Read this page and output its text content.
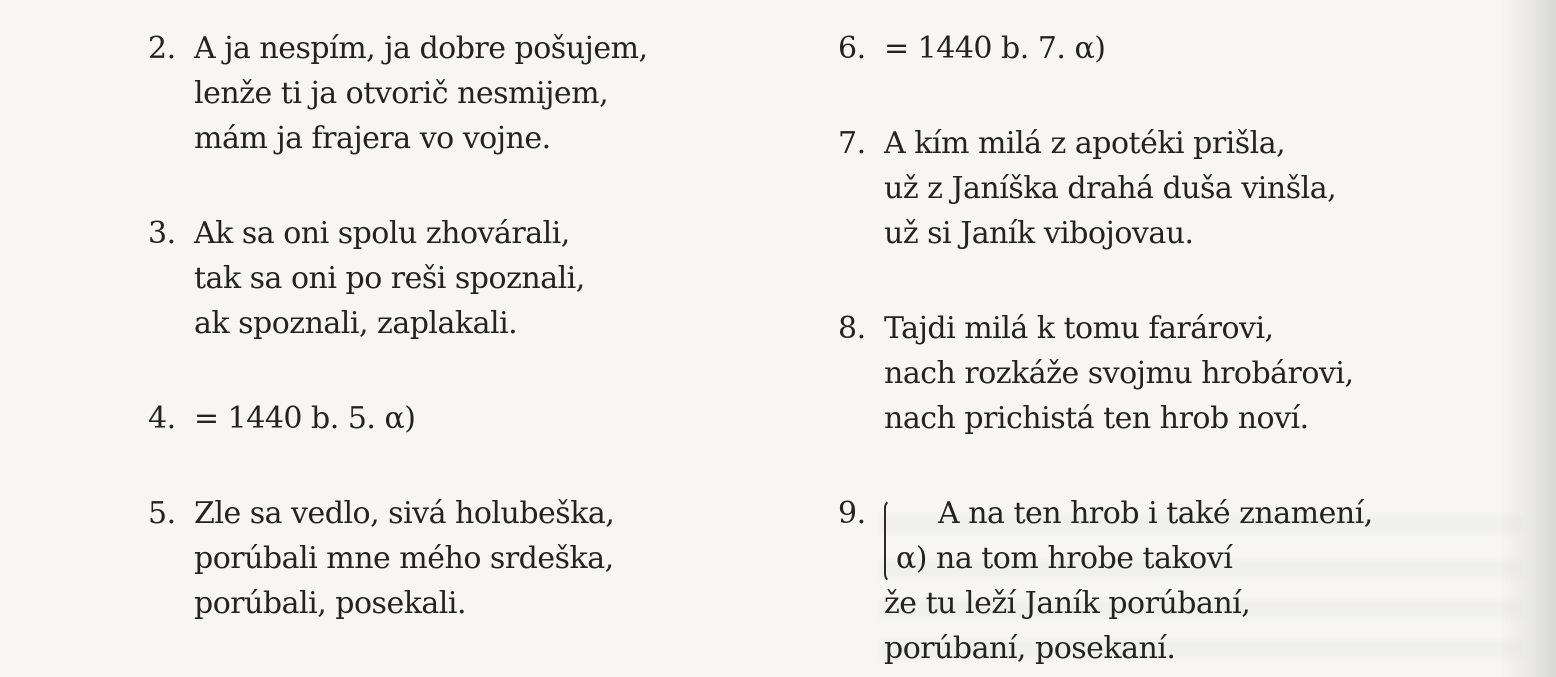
2. A ja nespím, ja dobre pošujem,
lenže ti ja otvorič nesmijem,
mám ja frajera vo vojne.
3. Ak sa oni spolu zhovárali,
tak sa oni po reši spoznali,
ak spoznali, zaplakali.
4. = 1440 b. 5. α)
5. Zle sa vedlo, sivá holubeška,
porúbali mne mého srdeška,
porúbali, posekali.
6. = 1440 b. 7. α)
7. A kím milá z apotéki prišla,
už z Janíška drahá duša vinšla,
už si Janík vibojovau.
8. Tajdi milá k tomu farárovi,
nach rozkáže svojmu hrobárovi,
nach prichistá ten hrob noví.
9. A na ten hrob i také znamení,
α) na tom hrobe takoví
že tu leží Janík porúbaní,
porúbaní, posekaní.
